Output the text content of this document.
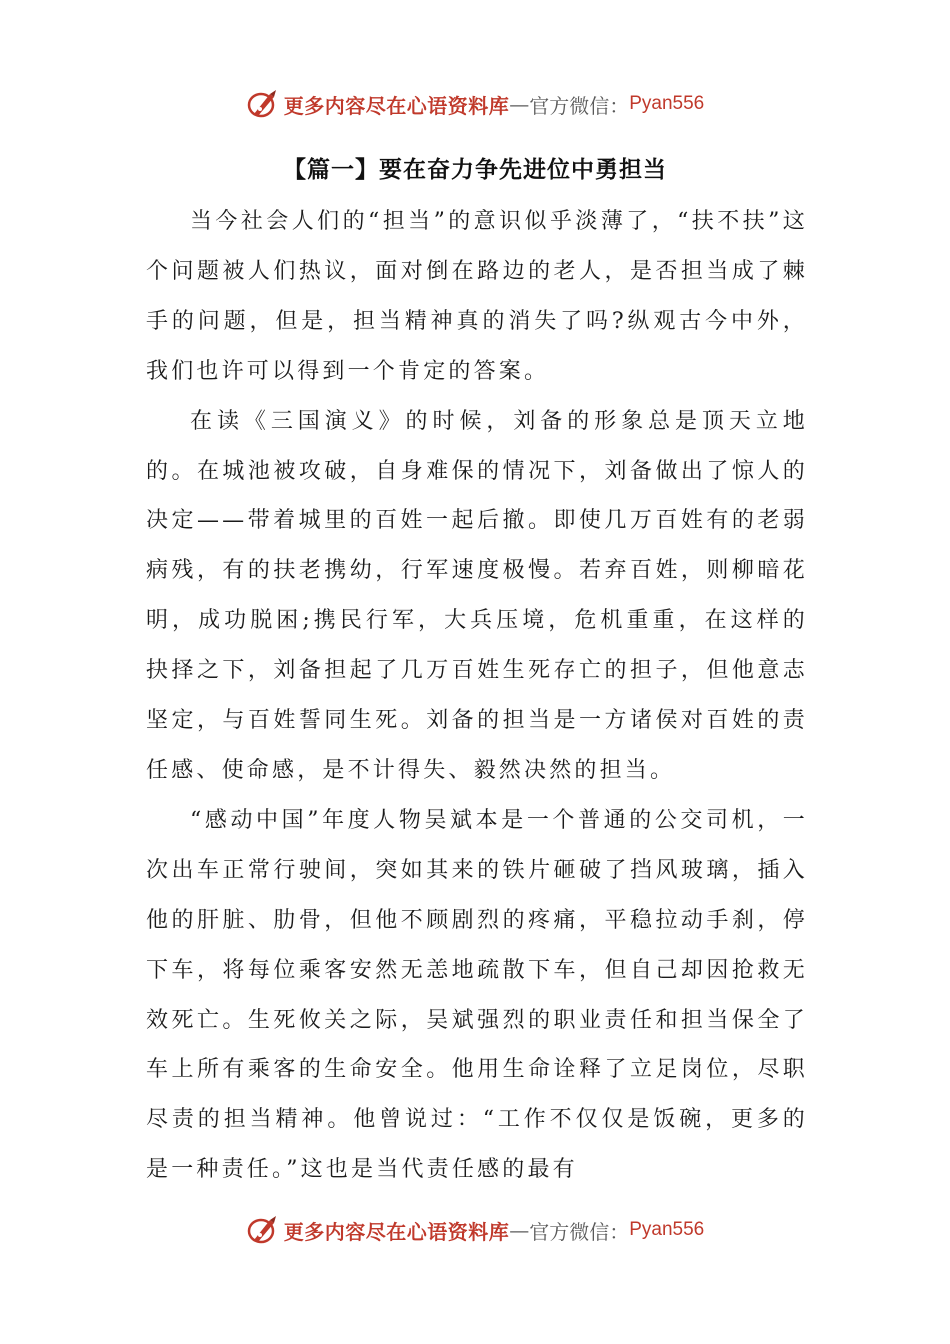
更多内容尽在心语资料库 — 官方微信： Pyan556
【篇一】要在奋力争先进位中勇担当

当今社会人们的“担当”的意识似乎淡薄了，“扶不扶”这个问题被人们热议，面对倒在路边的老人，是否担当成了棘手的问题，但是，担当精神真的消失了吗?纵观古今中外，我们也许可以得到一个肯定的答案。

在读《三国演义》的时候，刘备的形象总是顶天立地的。在城池被攻破，自身难保的情况下，刘备做出了惊人的决定——带着城里的百姓一起后撤。即使几万百姓有的老弱病残，有的扶老携幼，行军速度极慢。若弃百姓，则柳暗花明，成功脱困;携民行军，大兵压境，危机重重，在这样的抉择之下，刘备担起了几万百姓生死存亡的担子，但他意志坚定，与百姓誓同生死。刘备的担当是一方诸侯对百姓的责任感、使命感，是不计得失、毅然决然的担当。

“感动中国”年度人物吴斌本是一个普通的公交司机，一次出车正常行驶间，突如其来的铁片砸破了挡风玻璃，插入他的肝脏、肋骨，但他不顾剧烈的疼痛，平稳拉动手刹，停下车，将每位乘客安然无恙地疏散下车，但自己却因抢救无效死亡。生死攸关之际，吴斌强烈的职业责任和担当保全了车上所有乘客的生命安全。他用生命诠释了立足岗位，尽职尽责的担当精神。他曾说过：“工作不仅仅是饭碗，更多的是一种责任。”这也是当代责任感的最有

更多内容尽在心语资料库 — 官方微信： Pyan556
